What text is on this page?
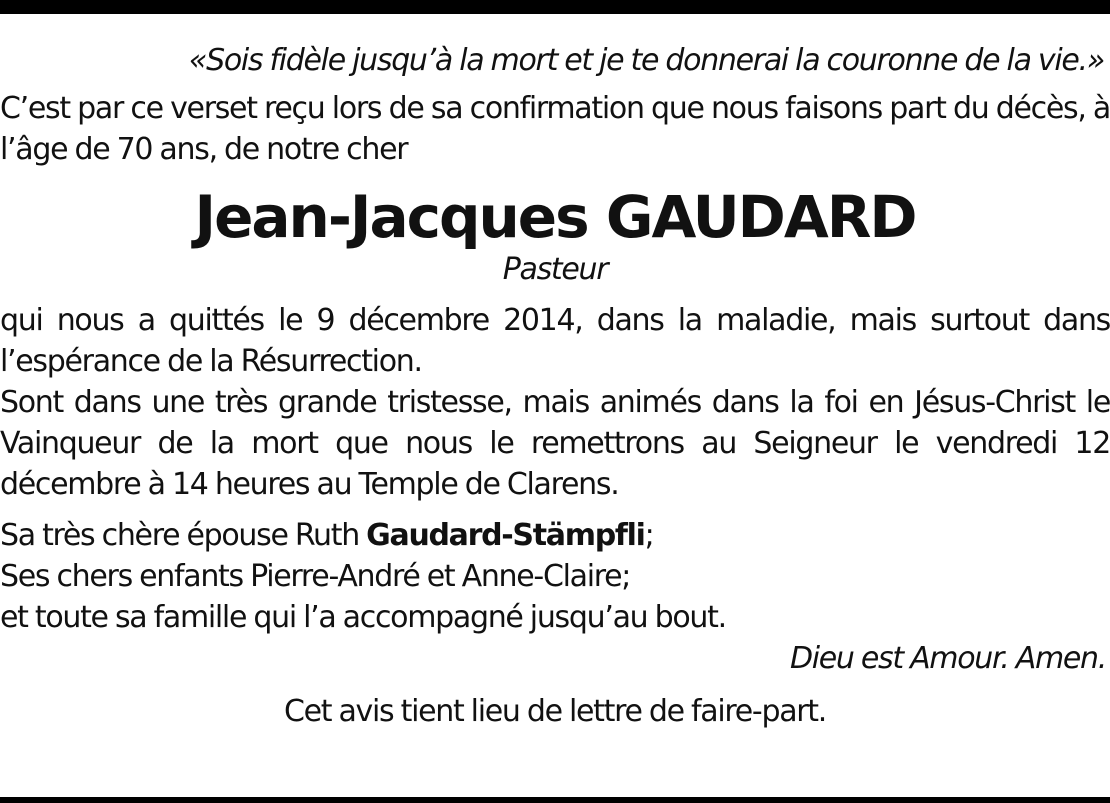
«Sois fidèle jusqu’à la mort et je te donnerai la couronne de la vie.»

C’est par ce verset reçu lors de sa confirmation que nous faisons part du décès, à l’âge de 70 ans, de notre cher

Jean-Jacques GAUDARD

Pasteur

qui nous a quittés le 9 décembre 2014, dans la maladie, mais surtout dans l’espérance de la Résurrection.

Sont dans une très grande tristesse, mais animés dans la foi en Jésus-Christ le Vainqueur de la mort que nous le remettrons au Seigneur le vendredi 12 décembre à 14 heures au Temple de Clarens.

Sa très chère épouse Ruth Gaudard-Stämpfli;

Ses chers enfants Pierre-André et Anne-Claire;

et toute sa famille qui l’a accompagné jusqu’au bout.

Dieu est Amour. Amen.

Cet avis tient lieu de lettre de faire-part.
